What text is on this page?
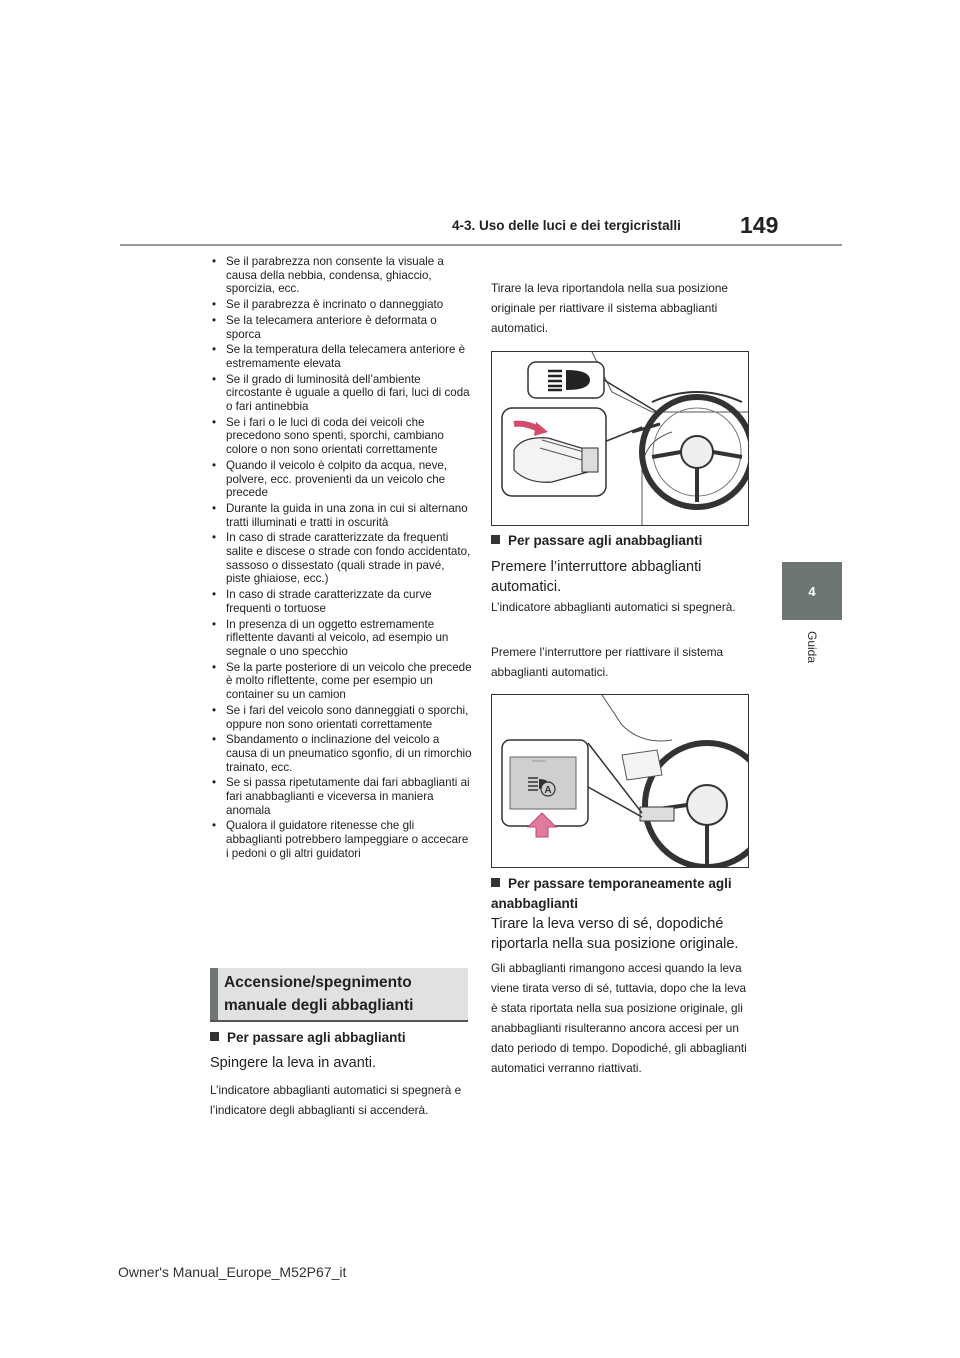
4-3. Uso delle luci e dei tergicristalli	149
4
Guida
• Se il parabrezza non consente la visuale a causa della nebbia, condensa, ghiaccio, sporcizia, ecc.
• Se il parabrezza è incrinato o danneggiato
• Se la telecamera anteriore è deformata o sporca
• Se la temperatura della telecamera anteriore è estremamente elevata
• Se il grado di luminosità dell’ambiente circostante è uguale a quello di fari, luci di coda o fari antinebbia
• Se i fari o le luci di coda dei veicoli che precedono sono spenti, sporchi, cambiano colore o non sono orientati correttamente
• Quando il veicolo è colpito da acqua, neve, polvere, ecc. provenienti da un veicolo che precede
• Durante la guida in una zona in cui si alternano tratti illuminati e tratti in oscurità
• In caso di strade caratterizzate da frequenti salite e discese o strade con fondo accidentato, sassoso o dissestato (quali strade in pavé, piste ghiaiose, ecc.)
• In caso di strade caratterizzate da curve frequenti o tortuose
• In presenza di un oggetto estremamente riflettente davanti al veicolo, ad esempio un segnale o uno specchio
• Se la parte posteriore di un veicolo che precede è molto riflettente, come per esempio un container su un camion
• Se i fari del veicolo sono danneggiati o sporchi, oppure non sono orientati correttamente
• Sbandamento o inclinazione del veicolo a causa di un pneumatico sgonfio, di un rimorchio trainato, ecc.
• Se si passa ripetutamente dai fari abbaglianti ai fari anabbaglianti e viceversa in maniera anomala
• Qualora il guidatore ritenesse che gli abbaglianti potrebbero lampeggiare o accecare i pedoni o gli altri guidatori
Accensione/spegnimento manuale degli abbaglianti
Per passare agli abbaglianti
Spingere la leva in avanti.
L’indicatore abbaglianti automatici si spegnerà e l’indicatore degli abbaglianti si accenderà.
Tirare la leva riportandola nella sua posizione originale per riattivare il sistema abbaglianti automatici.
Per passare agli anabbaglianti
Premere l’interruttore abbaglianti automatici.
L’indicatore abbaglianti automatici si spegnerà.
Premere l’interruttore per riattivare il sistema abbaglianti automatici.
A
Per passare temporaneamente agli anabbaglianti
Tirare la leva verso di sé, dopodiché riportarla nella sua posizione originale.
Gli abbaglianti rimangono accesi quando la leva viene tirata verso di sé, tuttavia, dopo che la leva è stata riportata nella sua posizione originale, gli anabbaglianti risulteranno ancora accesi per un dato periodo di tempo. Dopodiché, gli abbaglianti automatici verranno riattivati.
Owner's Manual_Europe_M52P67_it
